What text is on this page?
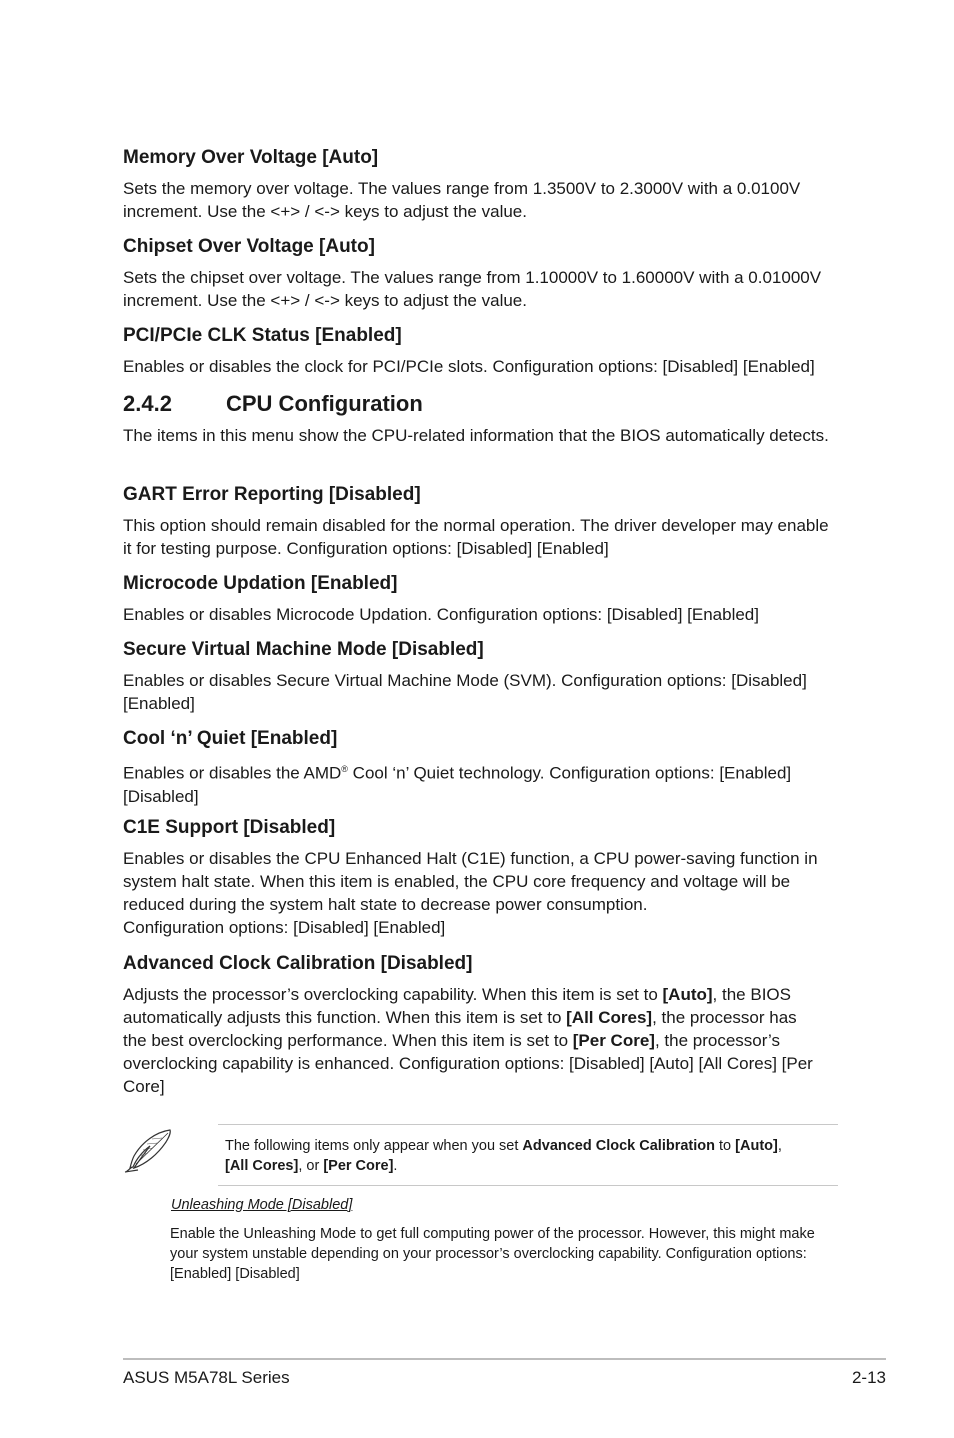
Memory Over Voltage [Auto]

Sets the memory over voltage. The values range from 1.3500V to 2.3000V with a 0.0100V increment. Use the <+> / <-> keys to adjust the value.

Chipset Over Voltage [Auto]

Sets the chipset over voltage. The values range from 1.10000V to 1.60000V with a 0.01000V increment. Use the <+> / <-> keys to adjust the value.

PCI/PCIe CLK Status [Enabled]

Enables or disables the clock for PCI/PCIe slots. Configuration options: [Disabled] [Enabled]

2.4.2 CPU Configuration

The items in this menu show the CPU-related information that the BIOS automatically detects.

GART Error Reporting [Disabled]

This option should remain disabled for the normal operation. The driver developer may enable it for testing purpose. Configuration options: [Disabled] [Enabled]

Microcode Updation [Enabled]

Enables or disables Microcode Updation. Configuration options: [Disabled] [Enabled]

Secure Virtual Machine Mode [Disabled]

Enables or disables Secure Virtual Machine Mode (SVM). Configuration options: [Disabled] [Enabled]

Cool ‘n’ Quiet [Enabled]

Enables or disables the AMD® Cool ‘n’ Quiet technology. Configuration options: [Enabled] [Disabled]

C1E Support [Disabled]

Enables or disables the CPU Enhanced Halt (C1E) function, a CPU power-saving function in system halt state. When this item is enabled, the CPU core frequency and voltage will be reduced during the system halt state to decrease power consumption.
Configuration options: [Disabled] [Enabled]

Advanced Clock Calibration [Disabled]

Adjusts the processor’s overclocking capability. When this item is set to [Auto], the BIOS automatically adjusts this function. When this item is set to [All Cores], the processor has the best overclocking performance. When this item is set to [Per Core], the processor’s overclocking capability is enhanced. Configuration options: [Disabled] [Auto] [All Cores] [Per Core]

The following items only appear when you set Advanced Clock Calibration to [Auto],
[All Cores], or [Per Core].
Unleashing Mode [Disabled]
Enable the Unleashing Mode to get full computing power of the processor. However, this might make your system unstable depending on your processor’s overclocking capability. Configuration options: [Enabled] [Disabled]
ASUS M5A78L Series	2-13
